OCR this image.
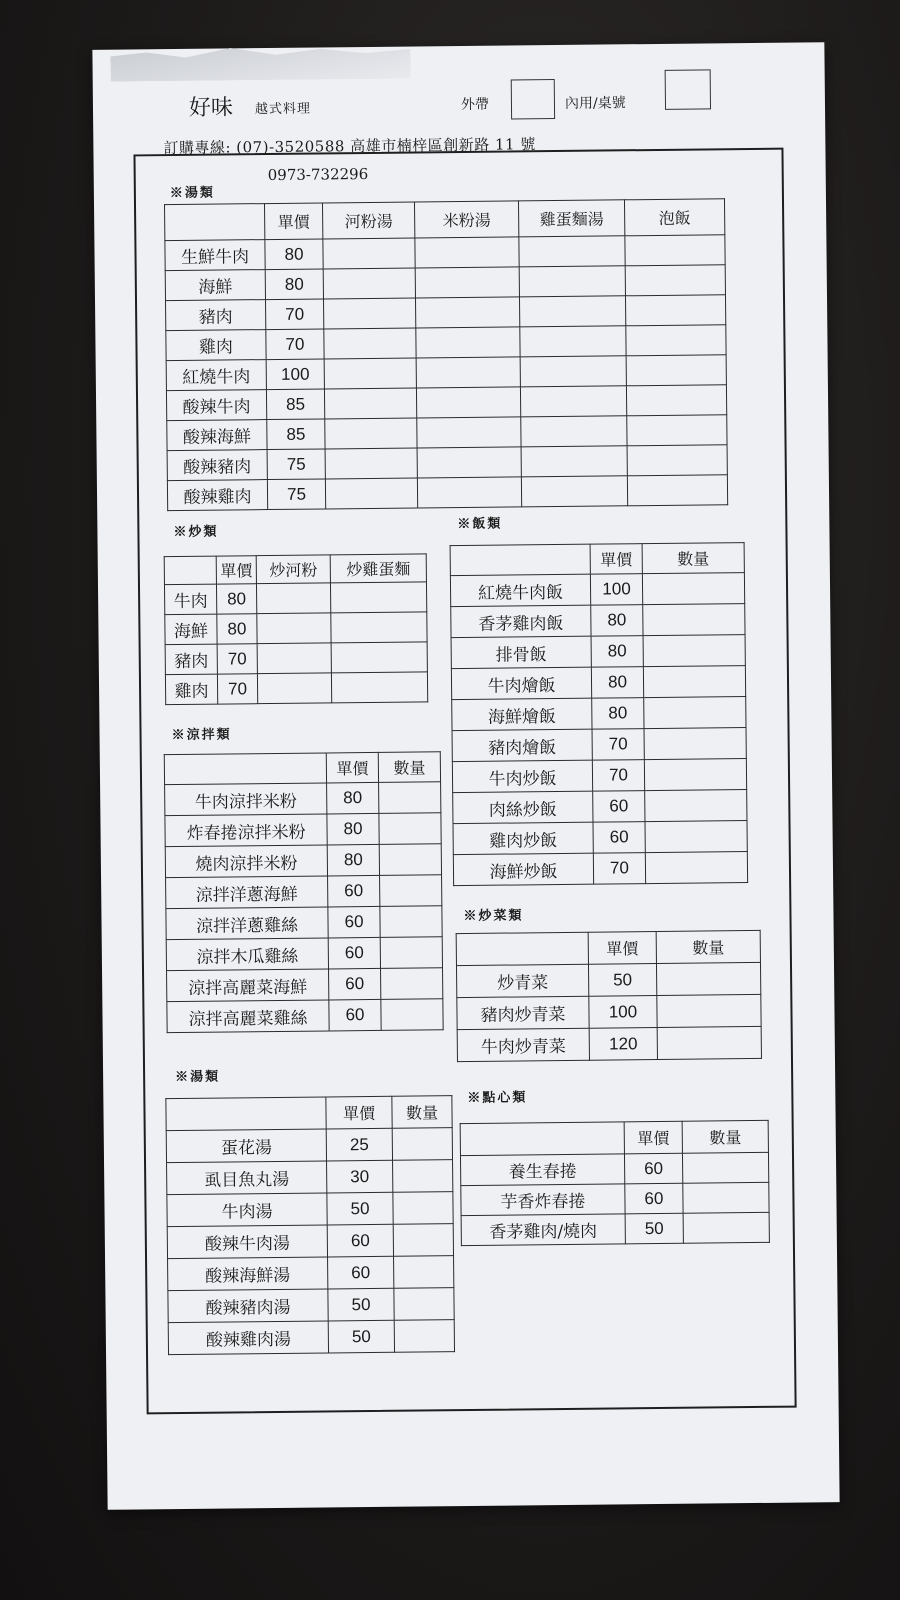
好味 越式料理	外帶	內用/桌號
訂購專線: (07)-3520588 高雄市楠梓區創新路 11 號
0973-732296
※湯類
	單價	河粉湯	米粉湯	雞蛋麵湯	泡飯
生鮮牛肉	80				
海鮮	80				
豬肉	70				
雞肉	70				
紅燒牛肉	100				
酸辣牛肉	85				
酸辣海鮮	85				
酸辣豬肉	75				
酸辣雞肉	75				
※炒類
	單價	炒河粉	炒雞蛋麵
牛肉	80		
海鮮	80		
豬肉	70		
雞肉	70		
※飯類
	單價	數量
紅燒牛肉飯	100	
香茅雞肉飯	80	
排骨飯	80	
牛肉燴飯	80	
海鮮燴飯	80	
豬肉燴飯	70	
牛肉炒飯	70	
肉絲炒飯	60	
雞肉炒飯	60	
海鮮炒飯	70	
※涼拌類
	單價	數量
牛肉涼拌米粉	80	
炸春捲涼拌米粉	80	
燒肉涼拌米粉	80	
涼拌洋蔥海鮮	60	
涼拌洋蔥雞絲	60	
涼拌木瓜雞絲	60	
涼拌高麗菜海鮮	60	
涼拌高麗菜雞絲	60	
※炒菜類
	單價	數量
炒青菜	50	
豬肉炒青菜	100	
牛肉炒青菜	120	
※湯類
	單價	數量
蛋花湯	25	
虱目魚丸湯	30	
牛肉湯	50	
酸辣牛肉湯	60	
酸辣海鮮湯	60	
酸辣豬肉湯	50	
酸辣雞肉湯	50	
※點心類
	單價	數量
養生春捲	60	
芋香炸春捲	60	
香茅雞肉/燒肉	50	
